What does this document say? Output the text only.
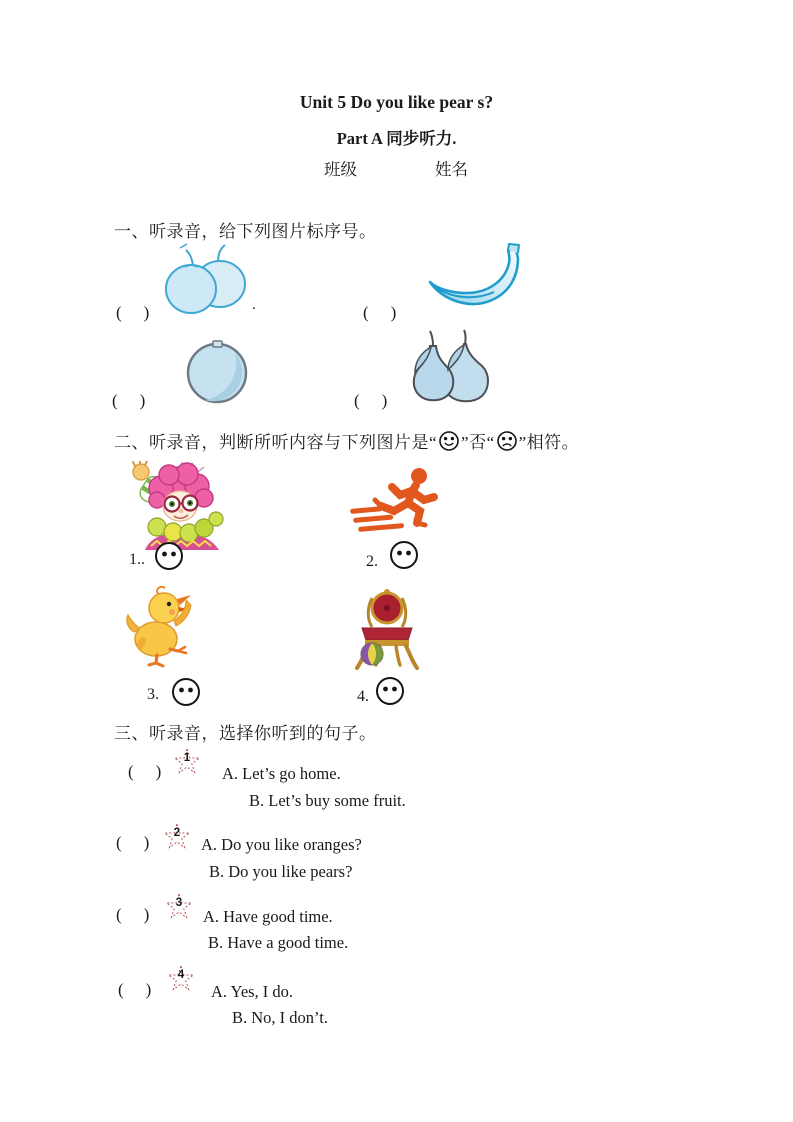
Unit 5 Do you like pear s?
Part A 同步听力.
班级	姓名
一、听录音，给下列图片标序号。
.
(    )	(    )
(    )	(    )
二、听录音，判断所听内容与下列图片是“ ”否“ ”相符。
1..	2.
3.	4.
三、听录音，选择你听到的句子。
(    )
1
A. Let’s go home.
B. Let’s buy some fruit.
(    )	2
A. Do you like oranges?
B. Do you like pears?
(    )
3
A. Have good time.
B. Have a good time.
(    )
4
A. Yes, I do.
B. No, I don’t.
